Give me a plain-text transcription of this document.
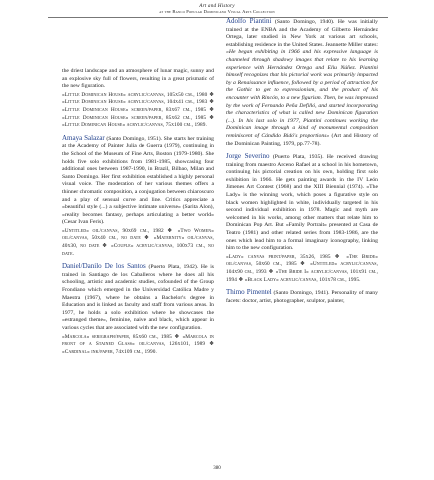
Art and History
at the Banco Popular Dominicano Visual Arts Collection

the driest landscape and an atmosphere of lunar magic, sunny and an explosive sky full of flowers, resulting in a great prismatic of the new figuration.

«Little Dominican House» acrylic/canvas, 105x50 cm., 1980 ❖ «Little Dominican House» acrylic/canvas, 104x41 cm., 1983 ❖ «Little Dominican House» screen/paper, 83x67 cm., 1985 ❖ «Little Dominican House» screen/paper, 85x62 cm., 1985 ❖ «Little Dominican House» acrylic/canvas, 75x100 cm., 1989.

Amaya Salazar (Santo Domingo, 1951). She starts her training at the Academy of Painter Julia de Guerra (1979), continuing in the School of the Museum of Fine Arts, Boston (1979-1980). She holds five solo exhibitions from 1981-1985, showcasing four additional ones between 1987-1990, in Brazil, Bilbao, Milan and Santo Domingo. Her first exhibition established a highly personal visual voice. The moderation of her various themes offers a thinner chromatic composition, a conjugation between chiaroscuro and a play of sensual curve and line. Critics appreciate a «beautiful style (...) a subjective intimate universe» (Sarita Alon), «reality becomes fantasy, perhaps articulating a better world» (Cesar Ivan Feris).

«Untitled» oil/canvas, 90x69 cm., 1982 ❖ «Two Women» oil/canvas, 50x40 cm., no date ❖ «Maternity» oil/canvas, 40x30, no date ❖ «Couple» acrylic/canvas, 100x73 cm., no date.

Daniel/Danilo De los Santos (Puerto Plata, 1942). He is trained in Santiago de los Caballeros where he does all his schooling, artistic and academic studies, cofounded of the Group Frondiano which emerged in the Universidad Católica Madre y Maestra (1967), where he obtains a Bachelor's degree in Education and is linked as faculty and staff from various areas. In 1977, he holds a solo exhibition where he showcases the «estranged theme», feminine, naive and black, which appear in various cycles that are associated with the new configuration.

«Marcola» serigraph/paper, 85x60 cm., 1985 ❖ «Marcola in front of a Stained Glass» oil/canvas, 126x101, 1989 ❖ «Cardinal» ink/paper, 74x109 cm., 1990.

Adolfo Piantini (Santo Domingo, 1940). He was initially trained at the ENBA and the Academy of Gilberto Hernández Ortega, later studied in New York at various art schools, establishing residence in the United States. Jeannette Miller states: «He began exhibiting in 1966 and his expressive language is channeled through shadowy images that relate to his learning experience with Hernández Ortega and Eliu Núñez. Piantini himself recognizes that his pictorial work was primarily impacted by a Renaissance influence, followed by a period of attraction for the Gothic to get to expressionism, and the product of his encounter with Rincón, to a new figurism. Then, he was impressed by the work of Fernando Peña Defilló, and started incorporating the characteristics of what is called new Dominican figuration (...). In his last solo in 1977, Piantini continues working the Dominican image through a kind of monumental composition reminiscent of Cándido Bidó's proportions» (Art and History of the Dominican Painting, 1979, pp.77-78).

Jorge Severino (Puerto Plata, 1935). He received drawing training from maestro Arceno Rafael at a school in his hometown, continuing his pictorial creation on his own, holding first solo exhibition in 1966. He gets painting awards in the IV León Jimenes Art Contest (1968) and the XIII Biennial (1974). «The Lady» is the winning work, which poses a figurative style on black women highlighted in white, individually targeted in his second individual exhibition in 1978. Magic and myth are welcomed in his works, among other matters that relate him to Dominican Pop Art. But «Family Portrait» presented at Casa de Teatro (1981) and other related series from 1983-1986, are the ones which lead him to a formal imaginary iconography, linking him to the new configuration.

«Lady» canvas print/paper, 35x26, 1985 ❖ «The Bride» oil/canvas, 50x60 cm., 1985 ❖ «Untitled» acrylic/canvas, 104x90 cm., 1993 ❖ «The Bride I» acrylic/canvas, 101x91 cm., 1994 ❖ «Black Lady» acrylic/canvas, 101x78 cm., 1995.

Thimo Pimentel (Santo Domingo, 1941). Personality of many facets: doctor, artist, photographer, sculptor, painter,

380
